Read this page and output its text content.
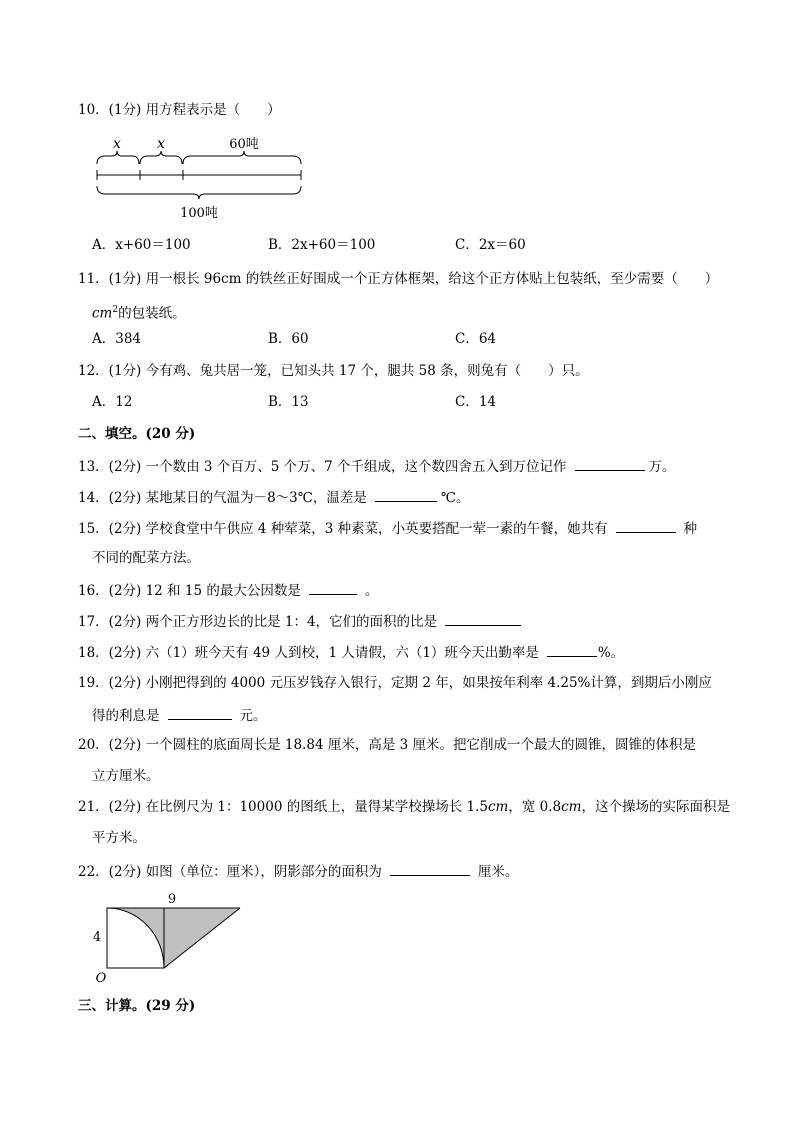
10．(1分) 用方程表示是（　　）
x	x	60吨
100吨
A．x+60＝100	B．2x+60＝100	C．2x＝60
11．(1分) 用一根长 96cm 的铁丝正好围成一个正方体框架，给这个正方体贴上包装纸，至少需要（　　）
$cm^2$的包装纸。
A．384	B．60	C．64
12．(1分) 今有鸡、兔共居一笼，已知头共 17 个，腿共 58 条，则兔有（　　）只。
A．12	B．13	C．14
二、填空。(20 分)
13．(2分) 一个数由 3 个百万、5 个万、7 个千组成，这个数四舍五入到万位记作	万。
14．(2分) 某地某日的气温为－8～3℃，温差是	℃。
15．(2分) 学校食堂中午供应 4 种荤菜，3 种素菜，小英要搭配一荤一素的午餐，她共有	种
不同的配菜方法。
16．(2分) 12 和 15 的最大公因数是	。
17．(2分) 两个正方形边长的比是 1：4，它们的面积的比是
18．(2分) 六（1）班今天有 49 人到校，1 人请假，六（1）班今天出勤率是	%。
19．(2分) 小刚把得到的 4000 元压岁钱存入银行，定期 2 年，如果按年利率 4.25%计算，到期后小刚应
得的利息是	元。
20．(2分) 一个圆柱的底面周长是 18.84 厘米，高是 3 厘米。把它削成一个最大的圆锥，圆锥的体积是
立方厘米。
21．(2分) 在比例尺为 1：10000 的图纸上，量得某学校操场长 1.5cm，宽 0.8cm，这个操场的实际面积是
平方米。
22．(2分) 如图（单位：厘米），阴影部分的面积为	厘米。
9
4
O
三、计算。(29 分)
